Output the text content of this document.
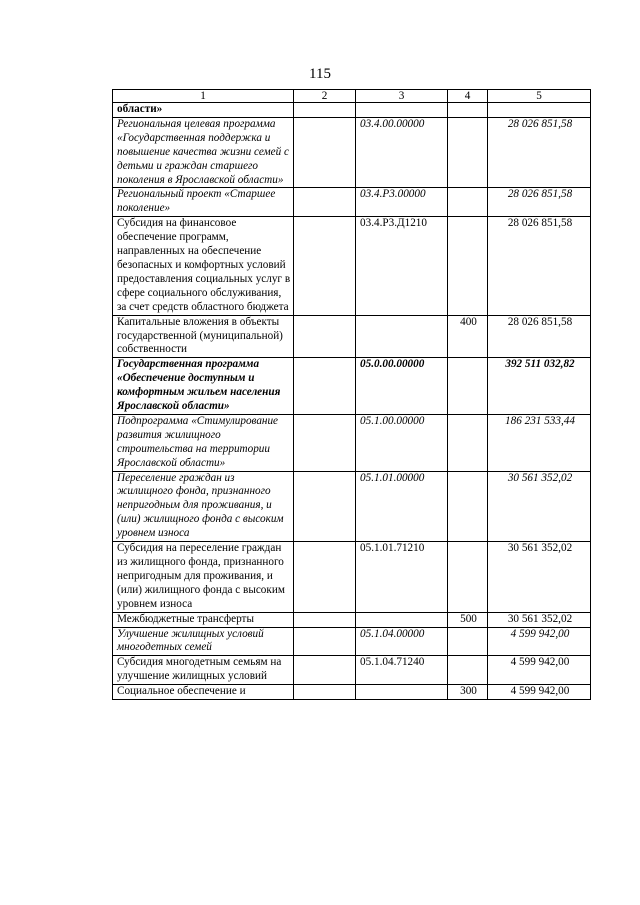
115
1	2	3	4	5
области»				
Региональная целевая программа «Государственная поддержка и повышение качества жизни семей с детьми и граждан старшего поколения в Ярославской области»		03.4.00.00000		28 026 851,58
Региональный проект «Старшее поколение»		03.4.Р3.00000		28 026 851,58
Субсидия на финансовое обеспечение программ, направленных на обеспечение безопасных и комфортных условий предоставления социальных услуг в сфере социального обслуживания, за счет средств областного бюджета		03.4.Р3.Д1210		28 026 851,58
Капитальные вложения в объекты государственной (муниципальной) собственности			400	28 026 851,58
Государственная программа «Обеспечение доступным и комфортным жильем населения Ярославской области»		05.0.00.00000		392 511 032,82
Подпрограмма «Стимулирование развития жилищного строительства на территории Ярославской области»		05.1.00.00000		186 231 533,44
Переселение граждан из жилищного фонда, признанного непригодным для проживания, и (или) жилищного фонда с высоким уровнем износа		05.1.01.00000		30 561 352,02
Субсидия на переселение граждан из жилищного фонда, признанного непригодным для проживания, и (или) жилищного фонда с высоким уровнем износа		05.1.01.71210		30 561 352,02
Межбюджетные трансферты			500	30 561 352,02
Улучшение жилищных условий многодетных семей		05.1.04.00000		4 599 942,00
Субсидия многодетным семьям на улучшение жилищных условий		05.1.04.71240		4 599 942,00
Социальное обеспечение и			300	4 599 942,00
